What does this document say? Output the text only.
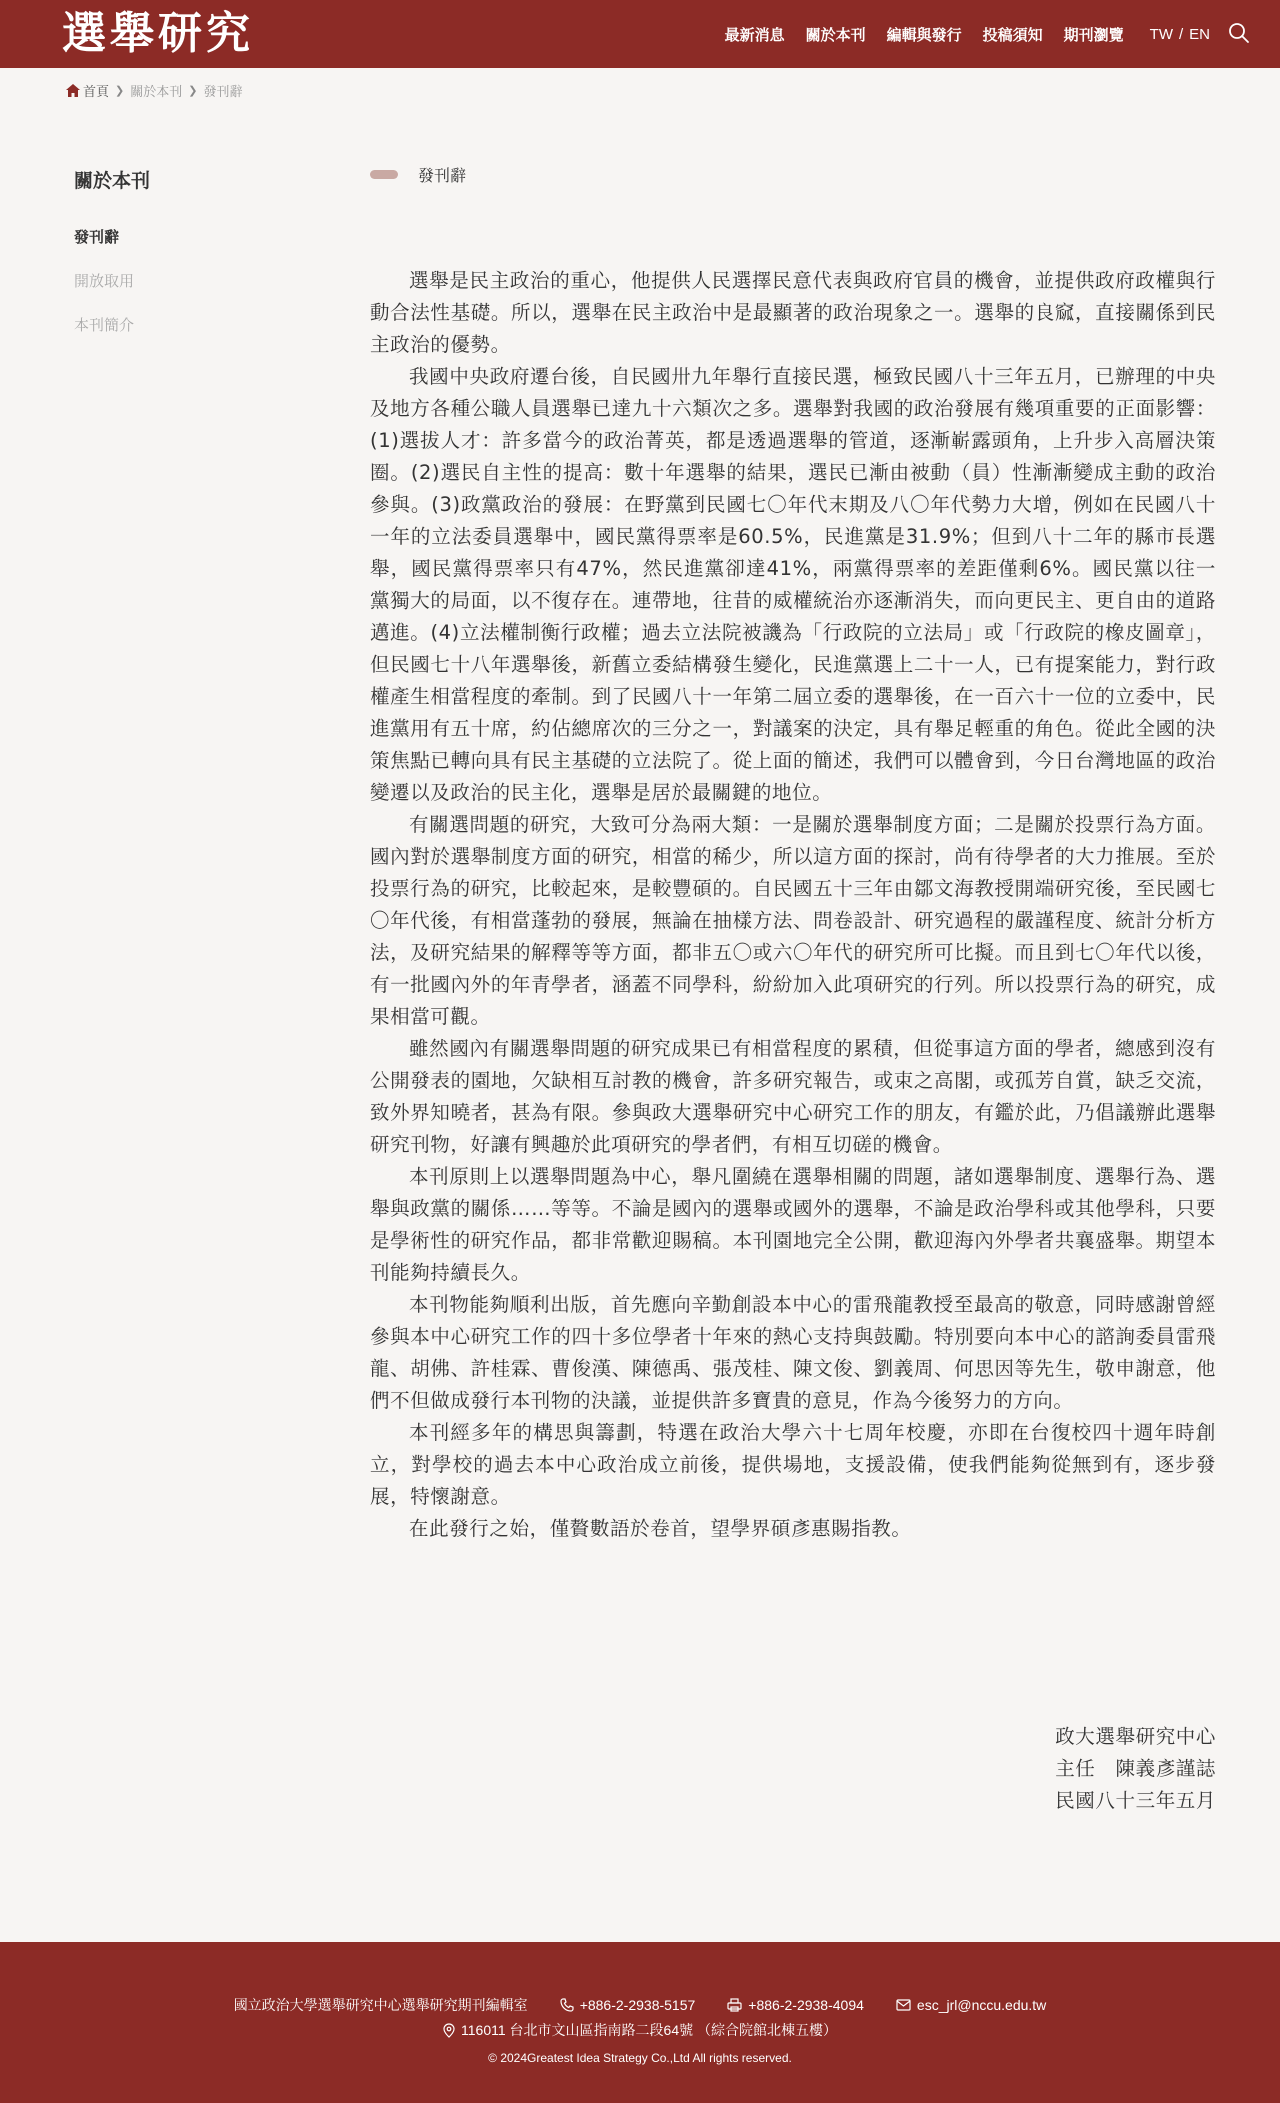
選舉研究	最新消息 關於本刊 編輯與發行 投稿須知 期刊瀏覽 TW / EN
首頁 ❯ 關於本刊 ❯ 發刊辭
關於本刊
發刊辭
開放取用
本刊簡介
發刊辭

選舉是民主政治的重心，他提供人民選擇民意代表與政府官員的機會，並提供政府政權與行動合法性基礎。所以，選舉在民主政治中是最顯著的政治現象之一。選舉的良窳，直接關係到民主政治的優勢。

我國中央政府遷台後，自民國卅九年舉行直接民選，極致民國八十三年五月，已辦理的中央及地方各種公職人員選舉已達九十六類次之多。選舉對我國的政治發展有幾項重要的正面影響：(1)選拔人才：許多當今的政治菁英，都是透過選舉的管道，逐漸嶄露頭角，上升步入高層決策圈。(2)選民自主性的提高：數十年選舉的結果，選民已漸由被動（員）性漸漸變成主動的政治參與。(3)政黨政治的發展：在野黨到民國七〇年代末期及八〇年代勢力大增，例如在民國八十一年的立法委員選舉中，國民黨得票率是60.5%，民進黨是31.9%；但到八十二年的縣市長選舉，國民黨得票率只有47%，然民進黨卻達41%，兩黨得票率的差距僅剩6%。國民黨以往一黨獨大的局面，以不復存在。連帶地，往昔的威權統治亦逐漸消失，而向更民主、更自由的道路邁進。(4)立法權制衡行政權；過去立法院被譏為「行政院的立法局」或「行政院的橡皮圖章」，但民國七十八年選舉後，新舊立委結構發生變化，民進黨選上二十一人，已有提案能力，對行政權產生相當程度的牽制。到了民國八十一年第二屆立委的選舉後，在一百六十一位的立委中，民進黨用有五十席，約佔總席次的三分之一，對議案的決定，具有舉足輕重的角色。從此全國的決策焦點已轉向具有民主基礎的立法院了。從上面的簡述，我們可以體會到，今日台灣地區的政治變遷以及政治的民主化，選舉是居於最關鍵的地位。

有關選問題的研究，大致可分為兩大類：一是關於選舉制度方面；二是關於投票行為方面。國內對於選舉制度方面的研究，相當的稀少，所以這方面的探討，尚有待學者的大力推展。至於投票行為的研究，比較起來，是較豐碩的。自民國五十三年由鄒文海教授開端研究後，至民國七〇年代後，有相當蓬勃的發展，無論在抽樣方法、問卷設計、研究過程的嚴謹程度、統計分析方法，及研究結果的解釋等等方面，都非五〇或六〇年代的研究所可比擬。而且到七〇年代以後，有一批國內外的年青學者，涵蓋不同學科，紛紛加入此項研究的行列。所以投票行為的研究，成果相當可觀。

雖然國內有關選舉問題的研究成果已有相當程度的累積，但從事這方面的學者，總感到沒有公開發表的園地，欠缺相互討教的機會，許多研究報告，或束之高閣，或孤芳自賞，缺乏交流，致外界知曉者，甚為有限。參與政大選舉研究中心研究工作的朋友，有鑑於此，乃倡議辦此選舉研究刊物，好讓有興趣於此項研究的學者們，有相互切磋的機會。

本刊原則上以選舉問題為中心，舉凡圍繞在選舉相關的問題，諸如選舉制度、選舉行為、選舉與政黨的關係……等等。不論是國內的選舉或國外的選舉，不論是政治學科或其他學科，只要是學術性的研究作品，都非常歡迎賜稿。本刊園地完全公開，歡迎海內外學者共襄盛舉。期望本刊能夠持續長久。

本刊物能夠順利出版，首先應向辛勤創設本中心的雷飛龍教授至最高的敬意，同時感謝曾經參與本中心研究工作的四十多位學者十年來的熱心支持與鼓勵。特別要向本中心的諮詢委員雷飛龍、胡佛、許桂霖、曹俊漢、陳德禹、張茂桂、陳文俊、劉義周、何思因等先生，敬申謝意，他們不但做成發行本刊物的決議，並提供許多寶貴的意見，作為今後努力的方向。

本刊經多年的構思與籌劃，特選在政治大學六十七周年校慶，亦即在台復校四十週年時創立，對學校的過去本中心政治成立前後，提供場地，支援設備，使我們能夠從無到有，逐步發展，特懷謝意。

在此發行之始，僅贅數語於卷首，望學界碩彥惠賜指教。

政大選舉研究中心
主任　陳義彥謹誌
民國八十三年五月
國立政治大學選舉研究中心選舉研究期刊編輯室	+886-2-2938-5157	+886-2-2938-4094	esc_jrl@nccu.edu.tw
116011 台北市文山區指南路二段64號 （綜合院館北棟五樓）
© 2024Greatest Idea Strategy Co.,Ltd All rights reserved.
